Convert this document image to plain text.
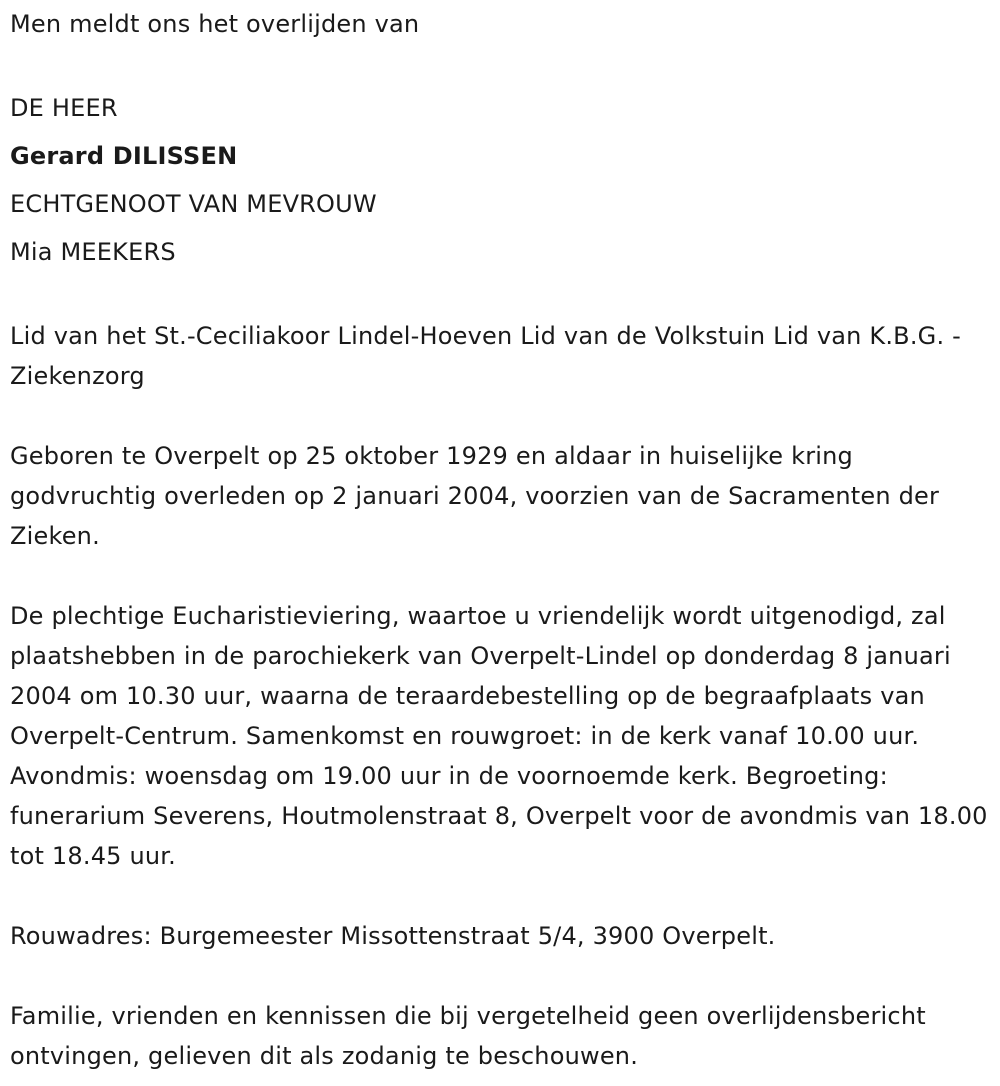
Men meldt ons het overlijden van

DE HEER

Gerard DILISSEN

ECHTGENOOT VAN MEVROUW

Mia MEEKERS

Lid van het St.-Ceciliakoor Lindel-Hoeven Lid van de Volkstuin Lid van K.B.G. - Ziekenzorg

Geboren te Overpelt op 25 oktober 1929 en aldaar in huiselijke kring godvruchtig overleden op 2 januari 2004, voorzien van de Sacramenten der Zieken.

De plechtige Eucharistieviering, waartoe u vriendelijk wordt uitgenodigd, zal plaatshebben in de parochiekerk van Overpelt-Lindel op donderdag 8 januari 2004 om 10.30 uur, waarna de teraardebestelling op de begraafplaats van Overpelt-Centrum. Samenkomst en rouwgroet: in de kerk vanaf 10.00 uur. Avondmis: woensdag om 19.00 uur in de voornoemde kerk. Begroeting: funerarium Severens, Houtmolenstraat 8, Overpelt voor de avondmis van 18.00 tot 18.45 uur.

Rouwadres: Burgemeester Missottenstraat 5/4, 3900 Overpelt.

Familie, vrienden en kennissen die bij vergetelheid geen overlijdensbericht ontvingen, gelieven dit als zodanig te beschouwen.
